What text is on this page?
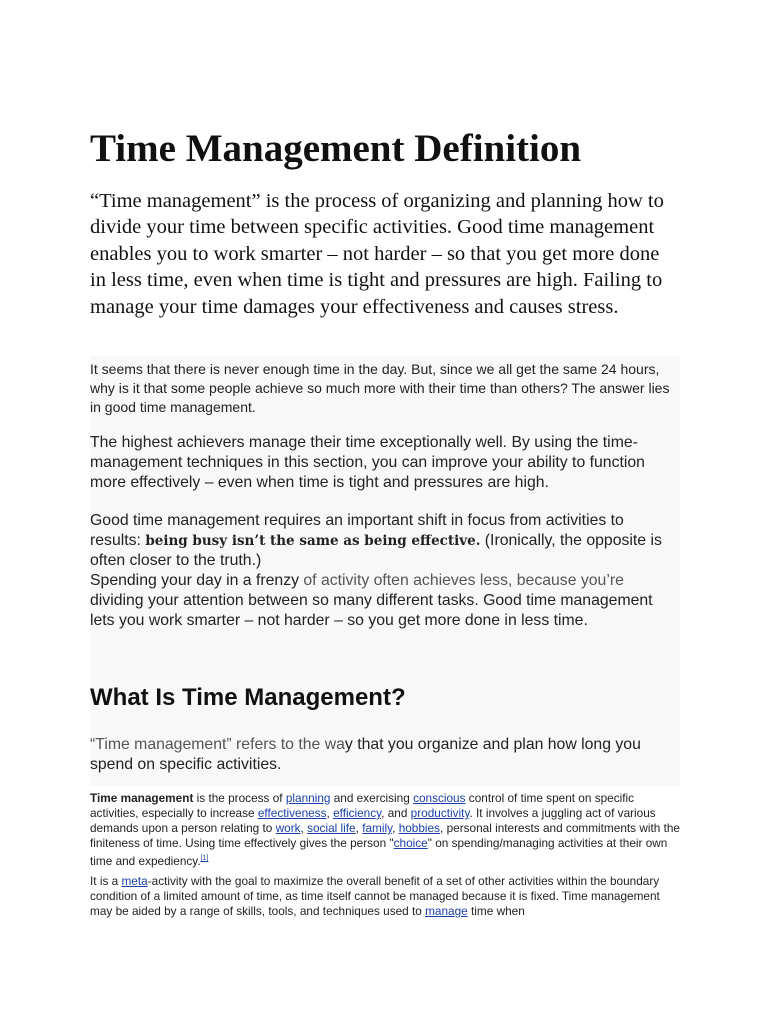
Time Management Definition

“Time management” is the process of organizing and planning how to divide your time between specific activities. Good time management enables you to work smarter – not harder – so that you get more done in less time, even when time is tight and pressures are high. Failing to manage your time damages your effectiveness and causes stress.

It seems that there is never enough time in the day. But, since we all get the same 24 hours, why is it that some people achieve so much more with their time than others? The answer lies in good time management.

The highest achievers manage their time exceptionally well. By using the time-management techniques in this section, you can improve your ability to function more effectively – even when time is tight and pressures are high.

Good time management requires an important shift in focus from activities to results: being busy isn’t the same as being effective. (Ironically, the opposite is often closer to the truth.)

Spending your day in a frenzy of activity often achieves less, because you’re dividing your attention between so many different tasks. Good time management lets you work smarter – not harder – so you get more done in less time.

What Is Time Management?

“Time management” refers to the way that you organize and plan how long you spend on specific activities.

Time management is the process of planning and exercising conscious control of time spent on specific activities, especially to increase effectiveness, efficiency, and productivity. It involves a juggling act of various demands upon a person relating to work, social life, family, hobbies, personal interests and commitments with the finiteness of time. Using time effectively gives the person "choice" on spending/managing activities at their own time and expediency.[1]

It is a meta-activity with the goal to maximize the overall benefit of a set of other activities within the boundary condition of a limited amount of time, as time itself cannot be managed because it is fixed. Time management may be aided by a range of skills, tools, and techniques used to manage time when
